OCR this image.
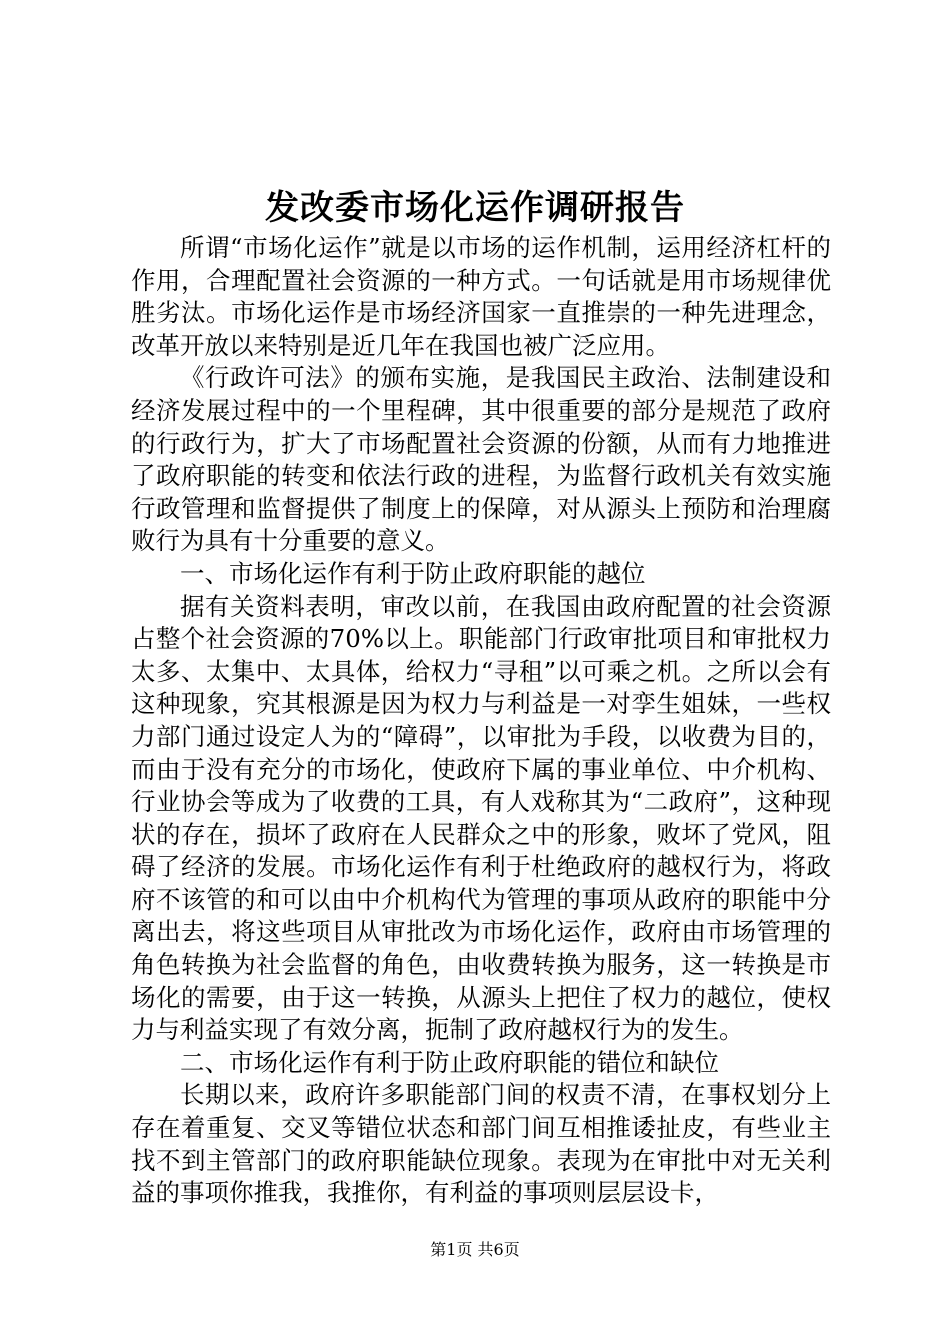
发改委市场化运作调研报告

所谓“市场化运作”就是以市场的运作机制，运用经济杠杆的作用，合理配置社会资源的一种方式。一句话就是用市场规律优胜劣汰。市场化运作是市场经济国家一直推崇的一种先进理念，改革开放以来特别是近几年在我国也被广泛应用。

《行政许可法》的颁布实施，是我国民主政治、法制建设和经济发展过程中的一个里程碑，其中很重要的部分是规范了政府的行政行为，扩大了市场配置社会资源的份额，从而有力地推进了政府职能的转变和依法行政的进程，为监督行政机关有效实施行政管理和监督提供了制度上的保障，对从源头上预防和治理腐败行为具有十分重要的意义。

一、市场化运作有利于防止政府职能的越位

据有关资料表明，审改以前，在我国由政府配置的社会资源占整个社会资源的70%以上。职能部门行政审批项目和审批权力太多、太集中、太具体，给权力“寻租”以可乘之机。之所以会有这种现象，究其根源是因为权力与利益是一对孪生姐妹，一些权力部门通过设定人为的“障碍”，以审批为手段，以收费为目的，而由于没有充分的市场化，使政府下属的事业单位、中介机构、行业协会等成为了收费的工具，有人戏称其为“二政府”，这种现状的存在，损坏了政府在人民群众之中的形象，败坏了党风，阻碍了经济的发展。市场化运作有利于杜绝政府的越权行为，将政府不该管的和可以由中介机构代为管理的事项从政府的职能中分离出去，将这些项目从审批改为市场化运作，政府由市场管理的角色转换为社会监督的角色，由收费转换为服务，这一转换是市场化的需要，由于这一转换，从源头上把住了权力的越位，使权力与利益实现了有效分离，扼制了政府越权行为的发生。

二、市场化运作有利于防止政府职能的错位和缺位

长期以来，政府许多职能部门间的权责不清，在事权划分上存在着重复、交叉等错位状态和部门间互相推诿扯皮，有些业主找不到主管部门的政府职能缺位现象。表现为在审批中对无关利益的事项你推我，我推你，有利益的事项则层层设卡，

第1页 共6页
